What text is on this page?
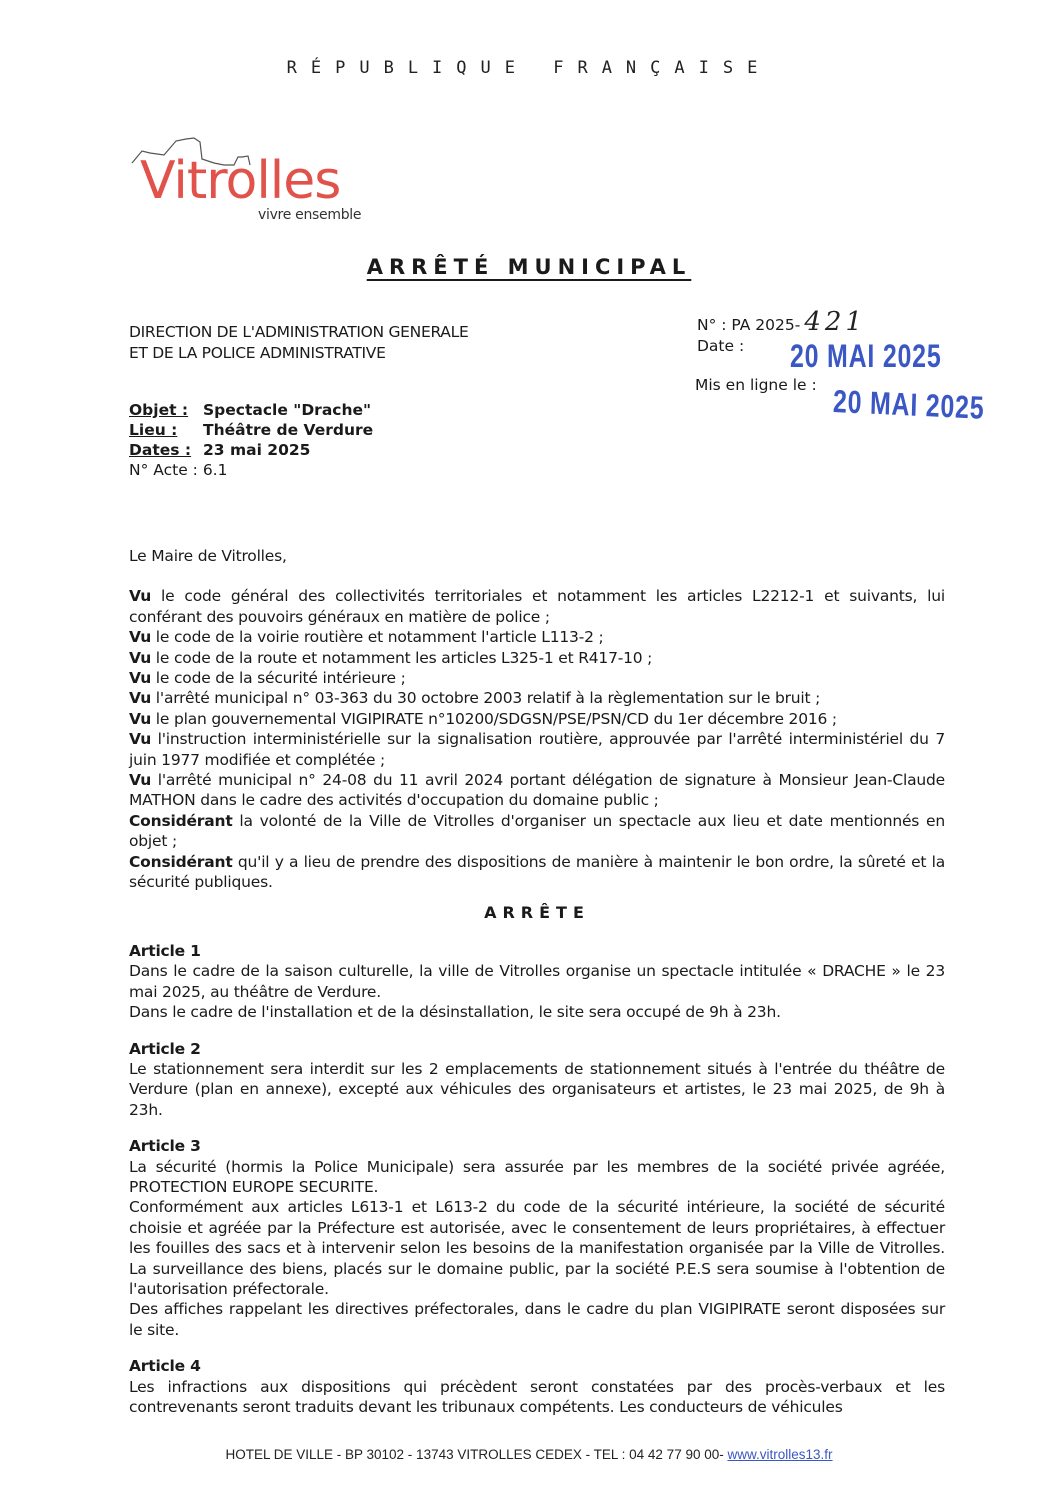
RÉPUBLIQUE FRANÇAISE
Vitrolles
vivre ensemble
ARRÊTÉ MUNICIPAL
DIRECTION DE L'ADMINISTRATION GENERALE
ET DE LA POLICE ADMINISTRATIVE
N° : PA 2025- 421
Date :	20 MAI 2025
Mis en ligne le : 20 MAI 2025
Objet : Spectacle "Drache"
Lieu : Théâtre de Verdure
Dates : 23 mai 2025
N° Acte : 6.1

Le Maire de Vitrolles,

Vu le code général des collectivités territoriales et notamment les articles L2212-1 et suivants, lui conférant des pouvoirs généraux en matière de police ;

Vu le code de la voirie routière et notamment l'article L113-2 ;

Vu le code de la route et notamment les articles L325-1 et R417-10 ;

Vu le code de la sécurité intérieure ;

Vu l'arrêté municipal n° 03-363 du 30 octobre 2003 relatif à la règlementation sur le bruit ;

Vu le plan gouvernemental VIGIPIRATE n°10200/SDGSN/PSE/PSN/CD du 1er décembre 2016 ;

Vu l'instruction interministérielle sur la signalisation routière, approuvée par l'arrêté interministériel du 7 juin 1977 modifiée et complétée ;

Vu l'arrêté municipal n° 24-08 du 11 avril 2024 portant délégation de signature à Monsieur Jean-Claude MATHON dans le cadre des activités d'occupation du domaine public ;

Considérant la volonté de la Ville de Vitrolles d'organiser un spectacle aux lieu et date mentionnés en objet ;

Considérant qu'il y a lieu de prendre des dispositions de manière à maintenir le bon ordre, la sûreté et la sécurité publiques.

ARRÊTE
Article 1

Dans le cadre de la saison culturelle, la ville de Vitrolles organise un spectacle intitulée « DRACHE » le 23 mai 2025, au théâtre de Verdure.

Dans le cadre de l'installation et de la désinstallation, le site sera occupé de 9h à 23h.

Article 2

Le stationnement sera interdit sur les 2 emplacements de stationnement situés à l'entrée du théâtre de Verdure (plan en annexe), excepté aux véhicules des organisateurs et artistes, le 23 mai 2025, de 9h à 23h.

Article 3

La sécurité (hormis la Police Municipale) sera assurée par les membres de la société privée agréée, PROTECTION EUROPE SECURITE.

Conformément aux articles L613-1 et L613-2 du code de la sécurité intérieure, la société de sécurité choisie et agréée par la Préfecture est autorisée, avec le consentement de leurs propriétaires, à effectuer les fouilles des sacs et à intervenir selon les besoins de la manifestation organisée par la Ville de Vitrolles. La surveillance des biens, placés sur le domaine public, par la société P.E.S sera soumise à l'obtention de l'autorisation préfectorale.

Des affiches rappelant les directives préfectorales, dans le cadre du plan VIGIPIRATE seront disposées sur le site.

Article 4

Les infractions aux dispositions qui précèdent seront constatées par des procès-verbaux et les contrevenants seront traduits devant les tribunaux compétents. Les conducteurs de véhicules

HOTEL DE VILLE - BP 30102 - 13743 VITROLLES CEDEX - TEL : 04 42 77 90 00- www.vitrolles13.fr
